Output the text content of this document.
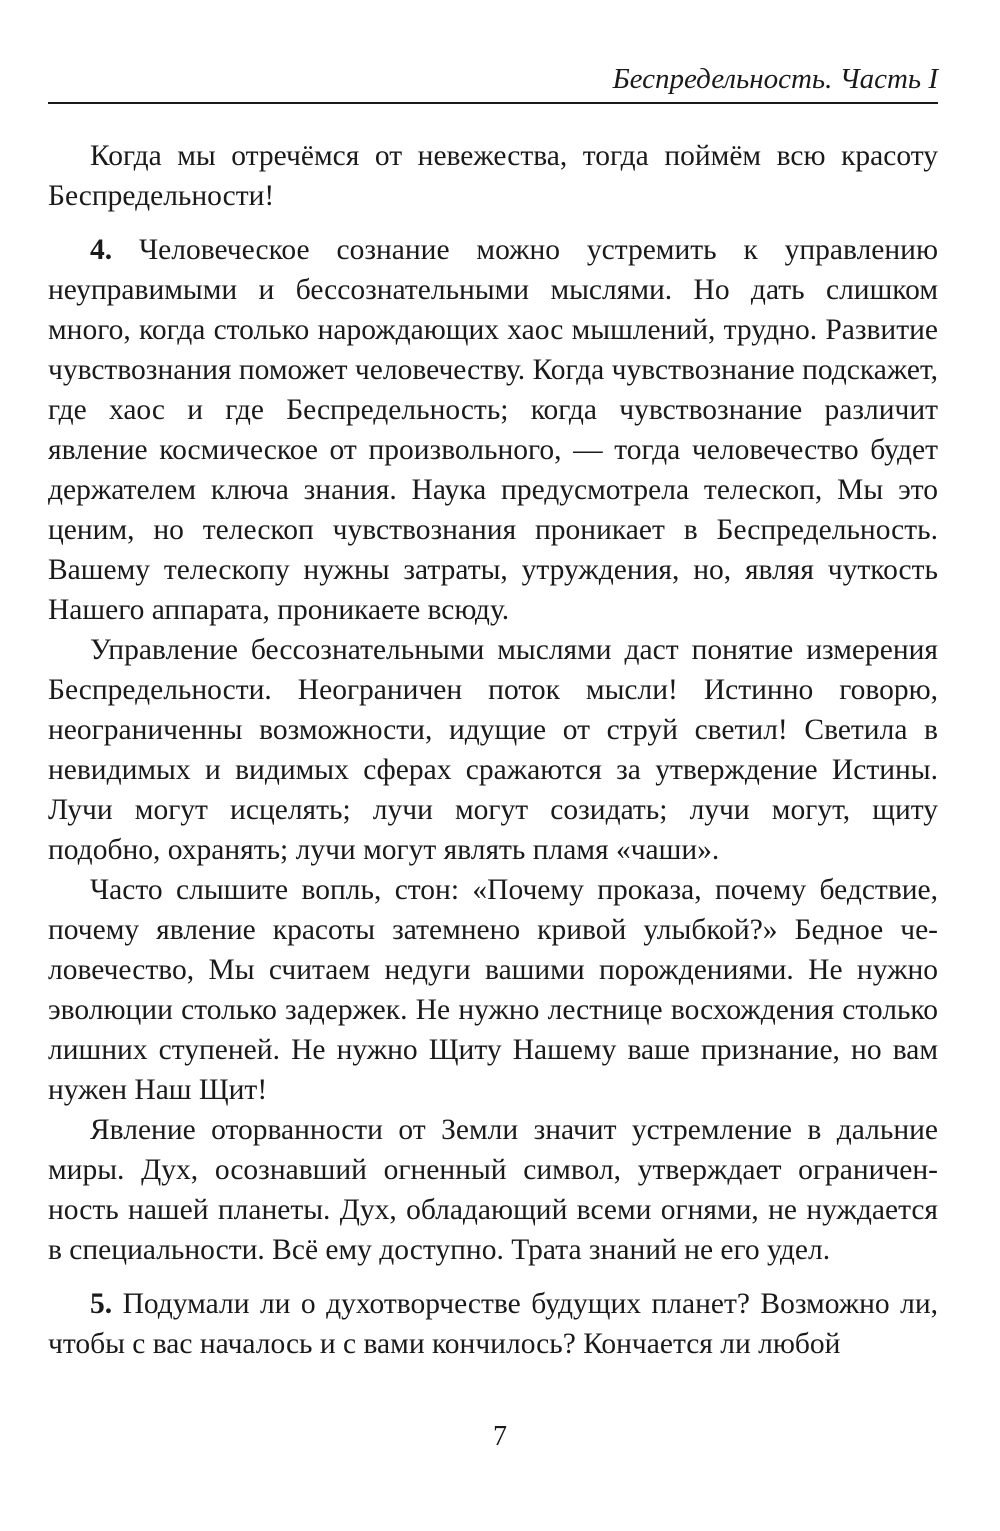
Беспредельность. Часть I

Когда мы отречёмся от невежества, тогда поймём всю красоту Беспредельности!

4. Человеческое сознание можно устремить к управлению неуправимыми и бессознательными мыслями. Но дать слишком много, когда столько нарождающих хаос мышлений, трудно. Развитие чувствознания поможет человечеству. Когда чувствознание подскажет, где хаос и где Беспредельность; когда чувствознание различит явление космическое от произвольного, — тогда человечество будет держателем ключа знания. Наука предусмотрела телескоп, Мы это ценим, но телескоп чувствознания проникает в Беспредельность. Вашему телескопу нужны затраты, утруждения, но, являя чуткость Нашего аппарата, проникаете всюду.

Управление бессознательными мыслями даст понятие измерения Беспредельности. Неограничен поток мысли! Истинно говорю, неограниченны возможности, идущие от струй светил! Светила в невидимых и видимых сферах сражаются за утверждение Истины. Лучи могут исцелять; лучи могут созидать; лучи могут, щиту подобно, охранять; лучи могут являть пламя «чаши».

Часто слышите вопль, стон: «Почему проказа, почему бедствие, почему явление красоты затемнено кривой улыбкой?» Бедное человечество, Мы считаем недуги вашими порождениями. Не нужно эволюции столько задержек. Не нужно лестнице восхождения столько лишних ступеней. Не нужно Щиту Нашему ваше признание, но вам нужен Наш Щит!

Явление оторванности от Земли значит устремление в дальние миры. Дух, осознавший огненный символ, утверждает ограниченность нашей планеты. Дух, обладающий всеми огнями, не нуждается в специальности. Всё ему доступно. Трата знаний не его удел.

5. Подумали ли о духотворчестве будущих планет? Возможно ли, чтобы с вас началось и с вами кончилось? Кончается ли любой

7
